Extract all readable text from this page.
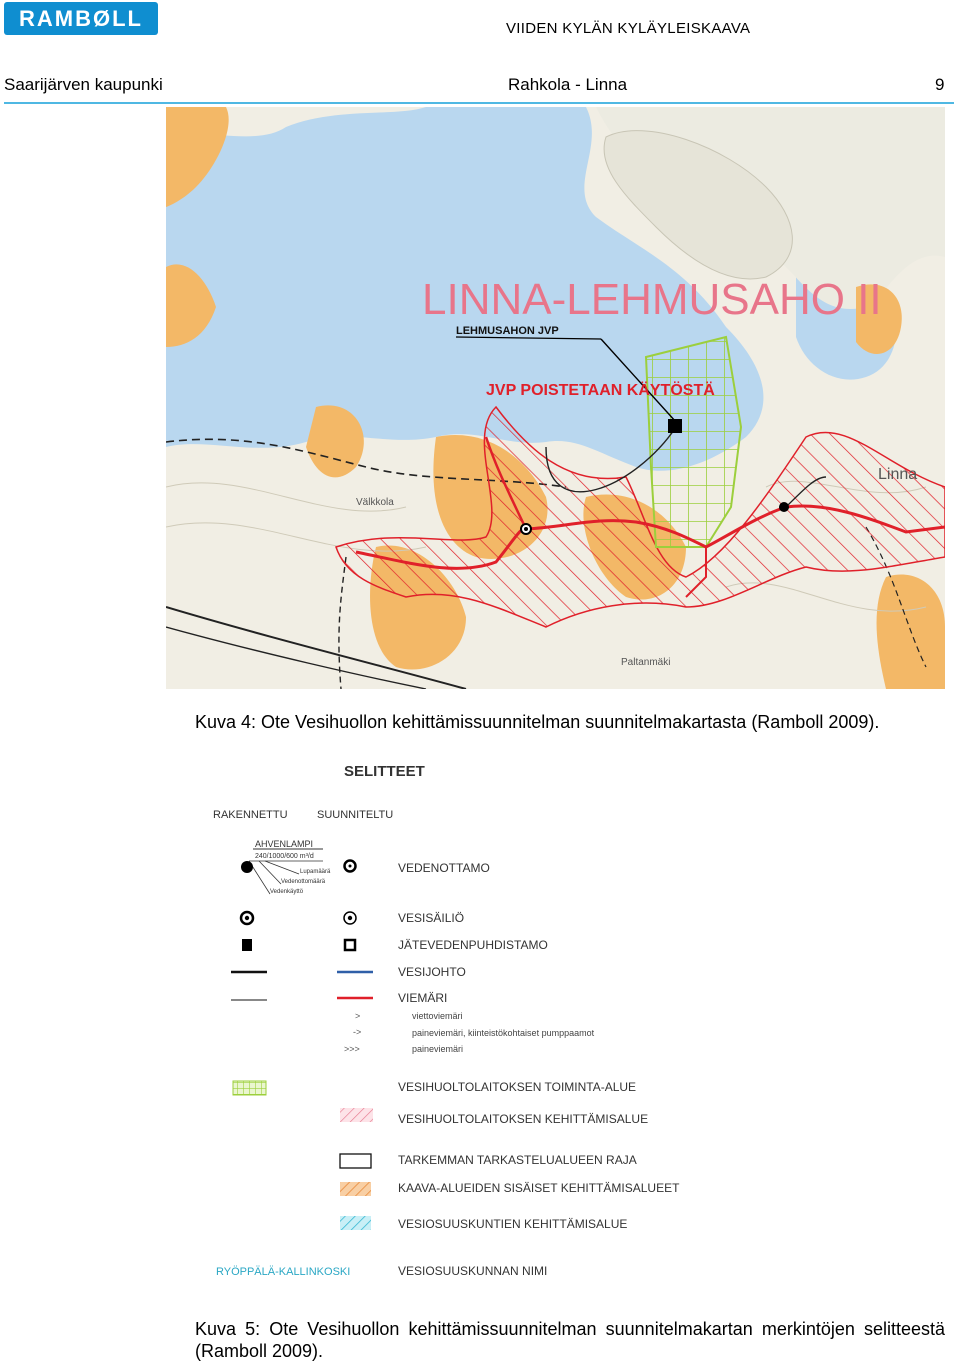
RAMBØLL	VIIDEN KYLÄN KYLÄYLEISKAAVA
Saarijärven kaupunki	Rahkola - Linna	9
LINNA-LEHMUSAHO II
LEHMUSAHON JVP
JVP POISTETAAN KÄYTÖSTÄ
Linna
Välkkola
Paltanmäki
Kuva 4: Ote Vesihuollon kehittämissuunnitelman suunnitelmakartasta (Ramboll 2009).
SELITTEET
RAKENNETTU	SUUNNITELTU
AHVENLAMPI
240/1000/600 m³/d
Lupamäärä
Vedenottomäärä
Vedenkäyttö
VEDENOTTAMO
VESISÄILIÖ
JÄTEVEDENPUHDISTAMO
VESIJOHTO
VIEMÄRI
>	viettoviemäri
->	paineviemäri, kiinteistökohtaiset pumppaamot
>>>	paineviemäri
VESIHUOLTOLAITOKSEN TOIMINTA-ALUE
VESIHUOLTOLAITOKSEN KEHITTÄMISALUE
TARKEMMAN TARKASTELUALUEEN RAJA
KAAVA-ALUEIDEN SISÄISET KEHITTÄMISALUEET
VESIOSUUSKUNTIEN KEHITTÄMISALUE
RYÖPPÄLÄ-KALLINKOSKI	VESIOSUUSKUNNAN NIMI
Kuva 5: Ote Vesihuollon kehittämissuunnitelman suunnitelmakartan merkintöjen selitteestä (Ramboll 2009).
